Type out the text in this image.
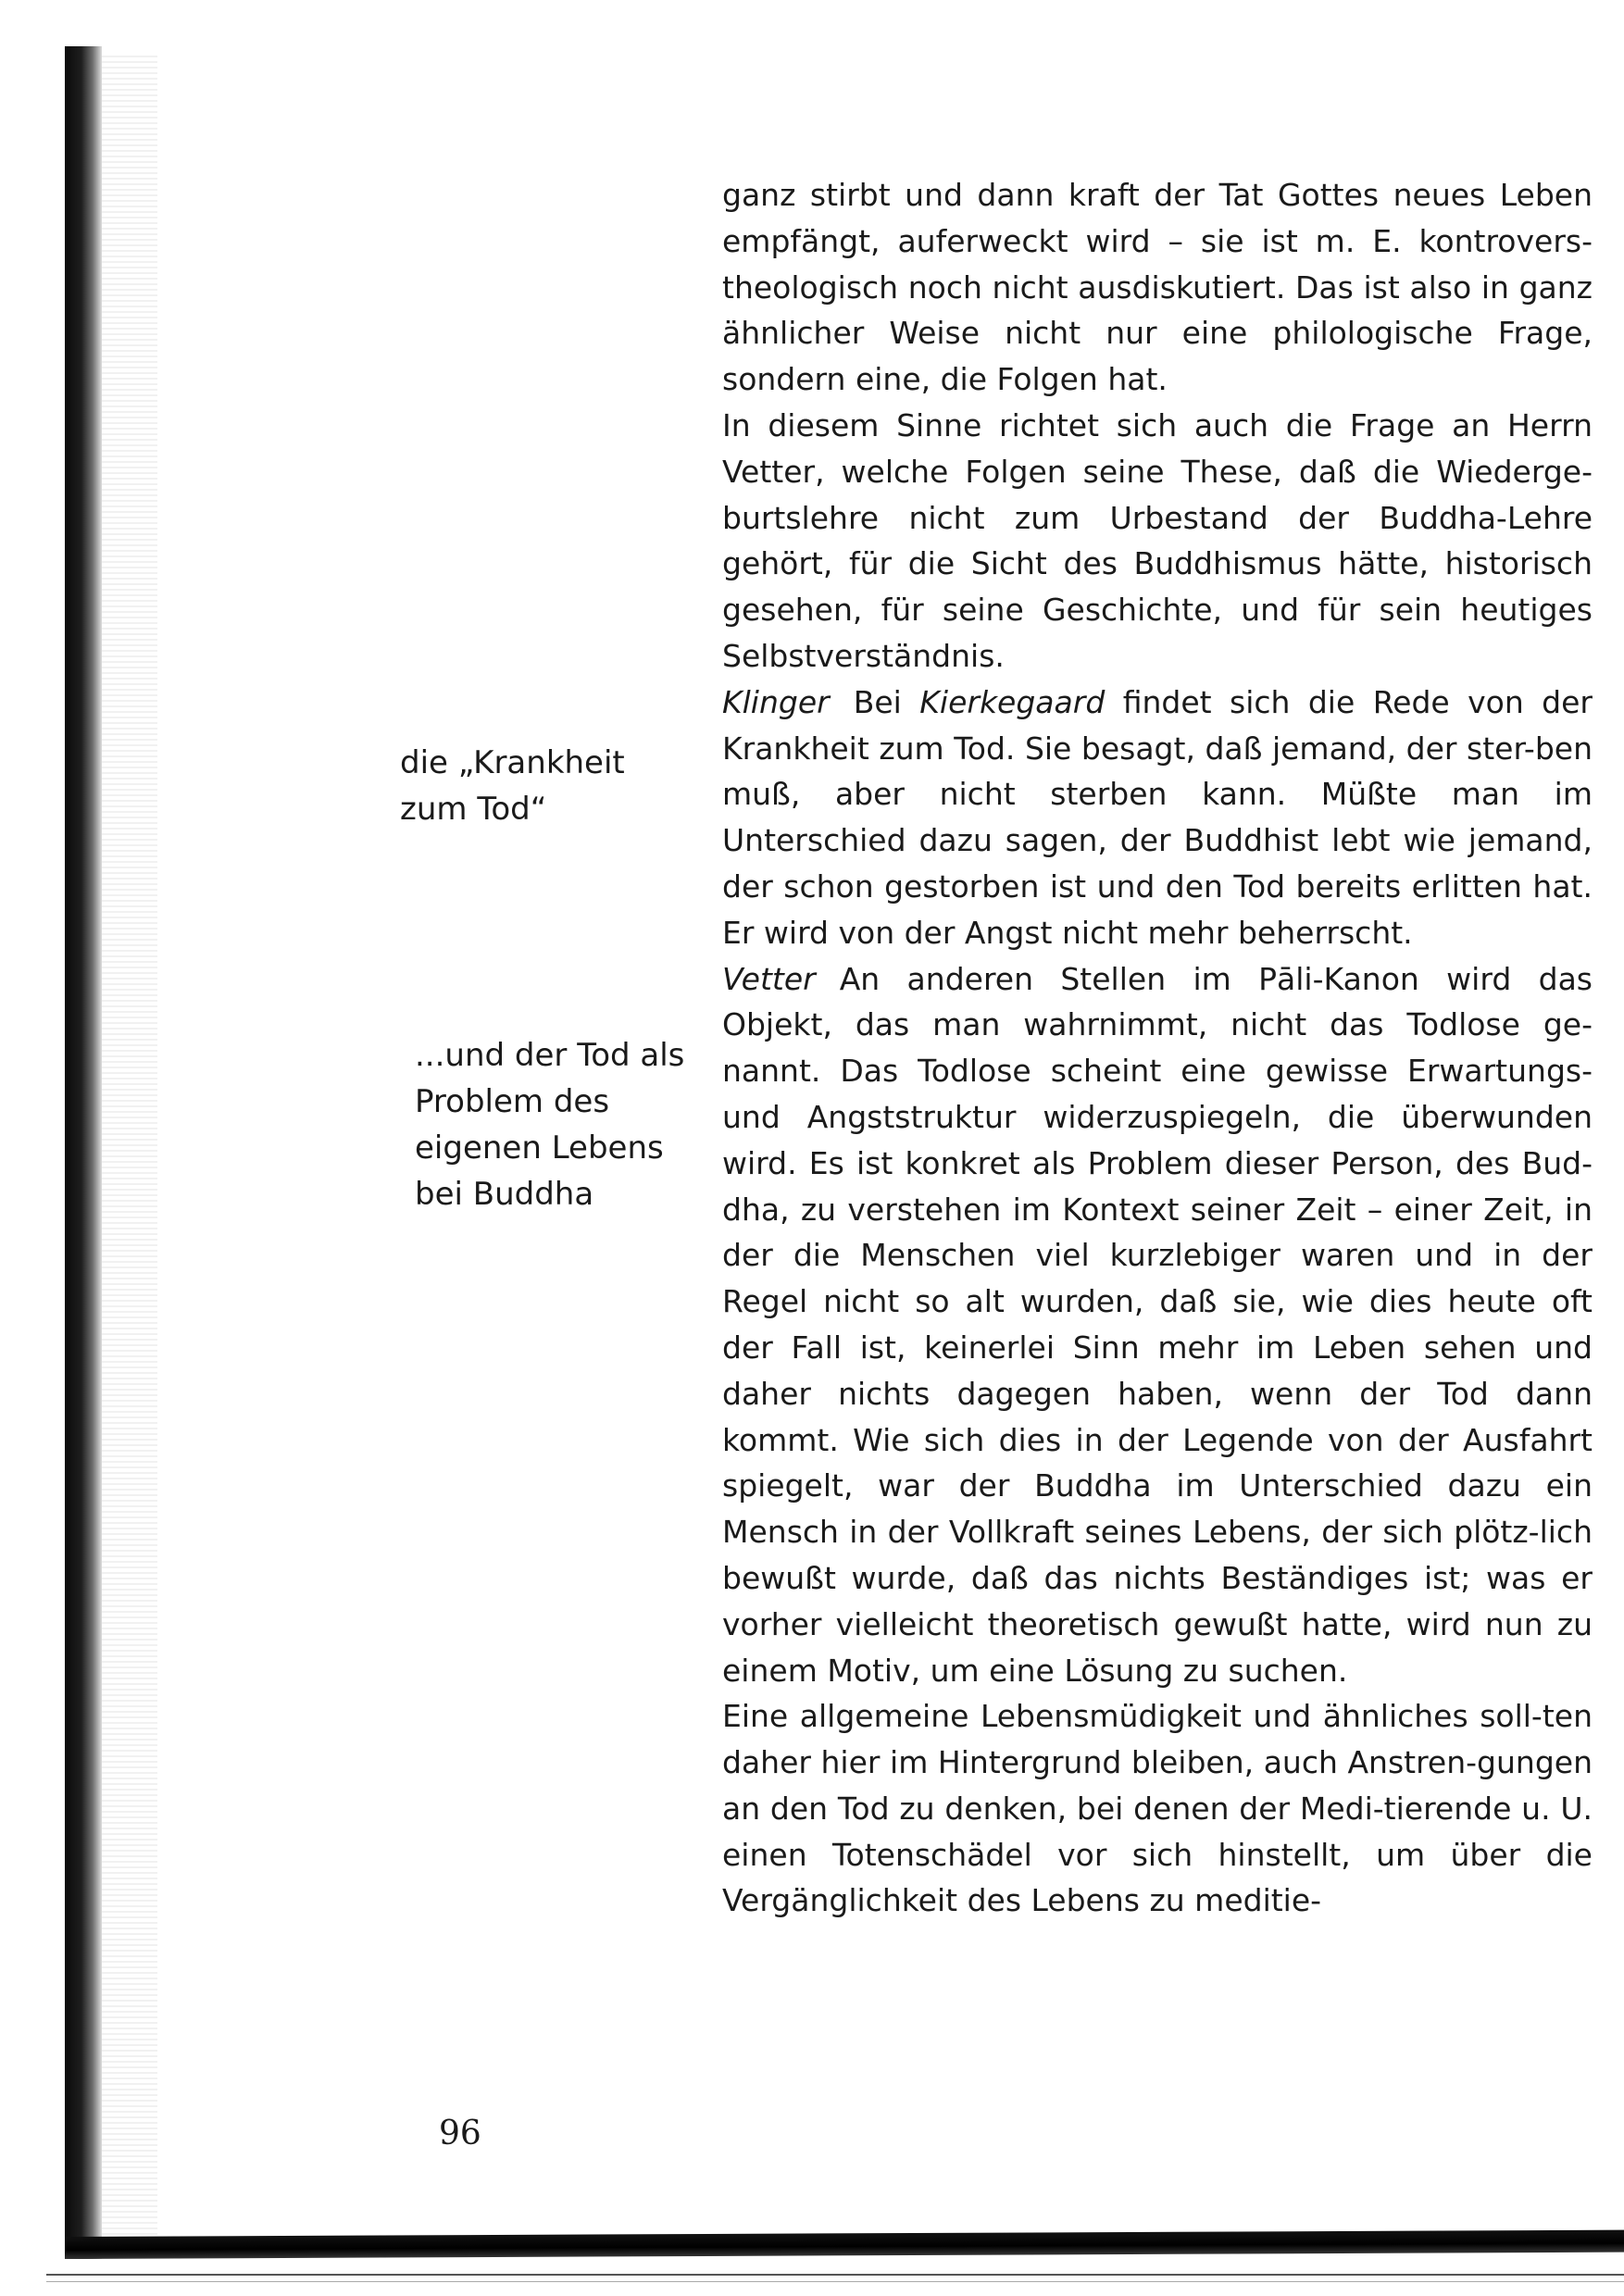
die „Krankheit zum Tod“
...und der Tod als Problem des eigenen Lebens bei Buddha

ganz stirbt und dann kraft der Tat Gottes neues Leben empfängt, auferweckt wird – sie ist m. E. kontrovers-theologisch noch nicht ausdiskutiert. Das ist also in ganz ähnlicher Weise nicht nur eine philologische Frage, sondern eine, die Folgen hat.

In diesem Sinne richtet sich auch die Frage an Herrn Vetter, welche Folgen seine These, daß die Wiederge-burtslehre nicht zum Urbestand der Buddha-Lehre gehört, für die Sicht des Buddhismus hätte, historisch gesehen, für seine Geschichte, und für sein heutiges Selbstverständnis.

Klinger Bei Kierkegaard findet sich die Rede von der Krankheit zum Tod. Sie besagt, daß jemand, der ster-ben muß, aber nicht sterben kann. Müßte man im Unterschied dazu sagen, der Buddhist lebt wie jemand, der schon gestorben ist und den Tod bereits erlitten hat. Er wird von der Angst nicht mehr beherrscht.

Vetter An anderen Stellen im Pāli-Kanon wird das Objekt, das man wahrnimmt, nicht das Todlose ge-nannt. Das Todlose scheint eine gewisse Erwartungs- und Angststruktur widerzuspiegeln, die überwunden wird. Es ist konkret als Problem dieser Person, des Bud-dha, zu verstehen im Kontext seiner Zeit – einer Zeit, in der die Menschen viel kurzlebiger waren und in der Regel nicht so alt wurden, daß sie, wie dies heute oft der Fall ist, keinerlei Sinn mehr im Leben sehen und daher nichts dagegen haben, wenn der Tod dann kommt. Wie sich dies in der Legende von der Ausfahrt spiegelt, war der Buddha im Unterschied dazu ein Mensch in der Vollkraft seines Lebens, der sich plötz-lich bewußt wurde, daß das nichts Beständiges ist; was er vorher vielleicht theoretisch gewußt hatte, wird nun zu einem Motiv, um eine Lösung zu suchen.

Eine allgemeine Lebensmüdigkeit und ähnliches soll-ten daher hier im Hintergrund bleiben, auch Anstren-gungen an den Tod zu denken, bei denen der Medi-tierende u. U. einen Totenschädel vor sich hinstellt, um über die Vergänglichkeit des Lebens zu meditie-

96
